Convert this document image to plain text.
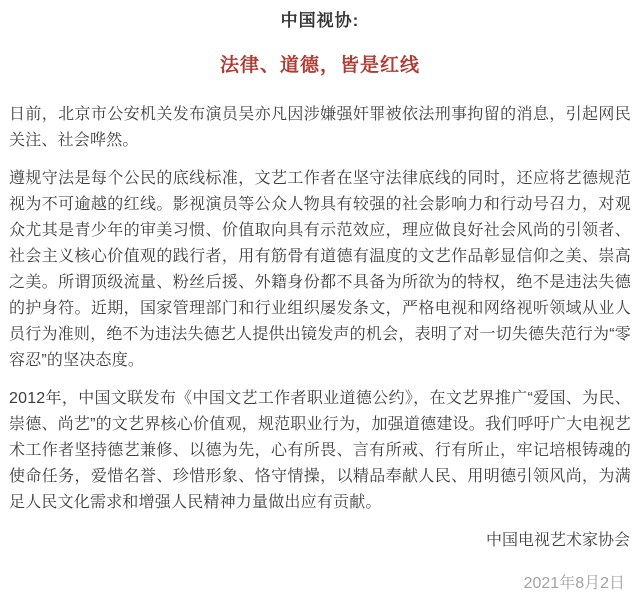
中国视协:
法律、道德，皆是红线

日前，北京市公安机关发布演员吴亦凡因涉嫌强奸罪被依法刑事拘留的消息，引起网民关注、社会哗然。

遵规守法是每个公民的底线标准，文艺工作者在坚守法律底线的同时，还应将艺德规范视为不可逾越的红线。影视演员等公众人物具有较强的社会影响力和行动号召力，对观众尤其是青少年的审美习惯、价值取向具有示范效应，理应做良好社会风尚的引领者、社会主义核心价值观的践行者，用有筋骨有道德有温度的文艺作品彰显信仰之美、崇高之美。所谓顶级流量、粉丝后援、外籍身份都不具备为所欲为的特权，绝不是违法失德的护身符。近期，国家管理部门和行业组织屡发条文，严格电视和网络视听领域从业人员行为准则，绝不为违法失德艺人提供出镜发声的机会，表明了对一切失德失范行为“零容忍”的坚决态度。

2012年，中国文联发布《中国文艺工作者职业道德公约》，在文艺界推广“爱国、为民、崇德、尚艺”的文艺界核心价值观，规范职业行为，加强道德建设。我们呼吁广大电视艺术工作者坚持德艺兼修、以德为先，心有所畏、言有所戒、行有所止，牢记培根铸魂的使命任务，爱惜名誉、珍惜形象、恪守情操，以精品奉献人民、用明德引领风尚，为满足人民文化需求和增强人民精神力量做出应有贡献。

中国电视艺术家协会
2021年8月2日
